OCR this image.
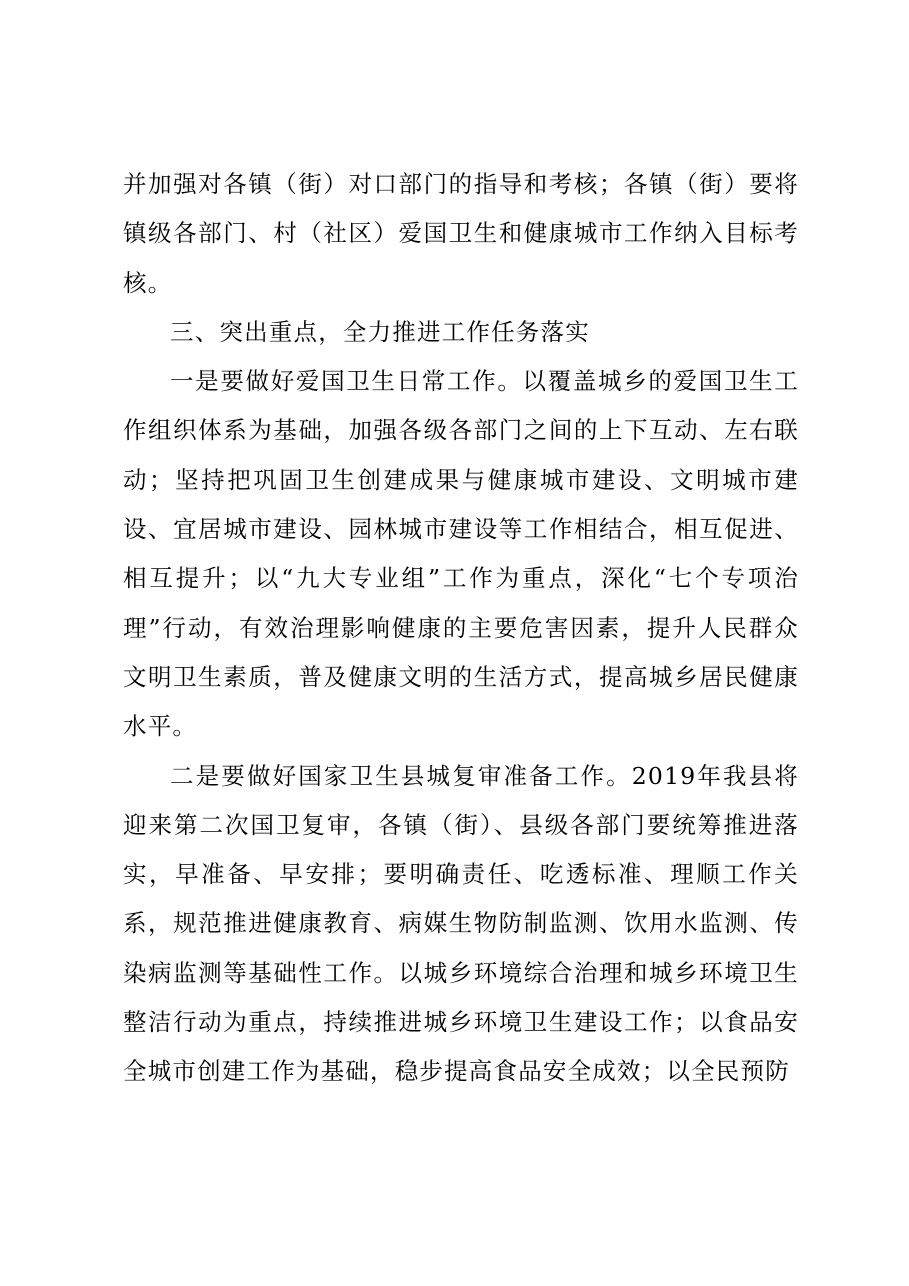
并加强对各镇（街）对口部门的指导和考核；各镇（街）要将镇级各部门、村（社区）爱国卫生和健康城市工作纳入目标考核。

三、突出重点，全力推进工作任务落实

一是要做好爱国卫生日常工作。以覆盖城乡的爱国卫生工作组织体系为基础，加强各级各部门之间的上下互动、左右联动；坚持把巩固卫生创建成果与健康城市建设、文明城市建设、宜居城市建设、园林城市建设等工作相结合，相互促进、相互提升；以“九大专业组”工作为重点，深化“七个专项治理”行动，有效治理影响健康的主要危害因素，提升人民群众文明卫生素质，普及健康文明的生活方式，提高城乡居民健康水平。

二是要做好国家卫生县城复审准备工作。2019年我县将迎来第二次国卫复审，各镇（街）、县级各部门要统筹推进落实，早准备、早安排；要明确责任、吃透标准、理顺工作关系，规范推进健康教育、病媒生物防制监测、饮用水监测、传染病监测等基础性工作。以城乡环境综合治理和城乡环境卫生整洁行动为重点，持续推进城乡环境卫生建设工作；以食品安全城市创建工作为基础，稳步提高食品安全成效；以全民预防
